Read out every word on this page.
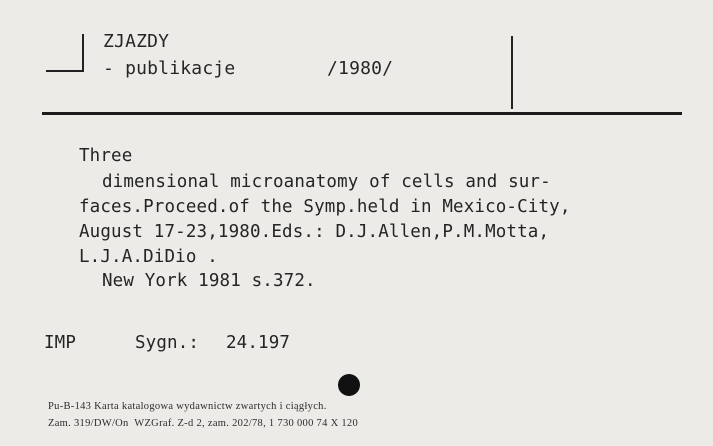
ZJAZDY
- publikacje	/1980/
Three
dimensional microanatomy of cells and sur-
faces.Proceed.of the Symp.held in Mexico-City,
August 17-23,1980.Eds.: D.J.Allen,P.M.Motta,
L.J.A.DiDio .
New York 1981 s.372.
IMP	Sygn.: 24.197
Pu-B-143 Karta katalogowa wydawnictw zwartych i ciągłych.
Zam. 319/DW/On  WZGraf. Z-d 2, zam. 202/78, 1 730 000 74 X 120
